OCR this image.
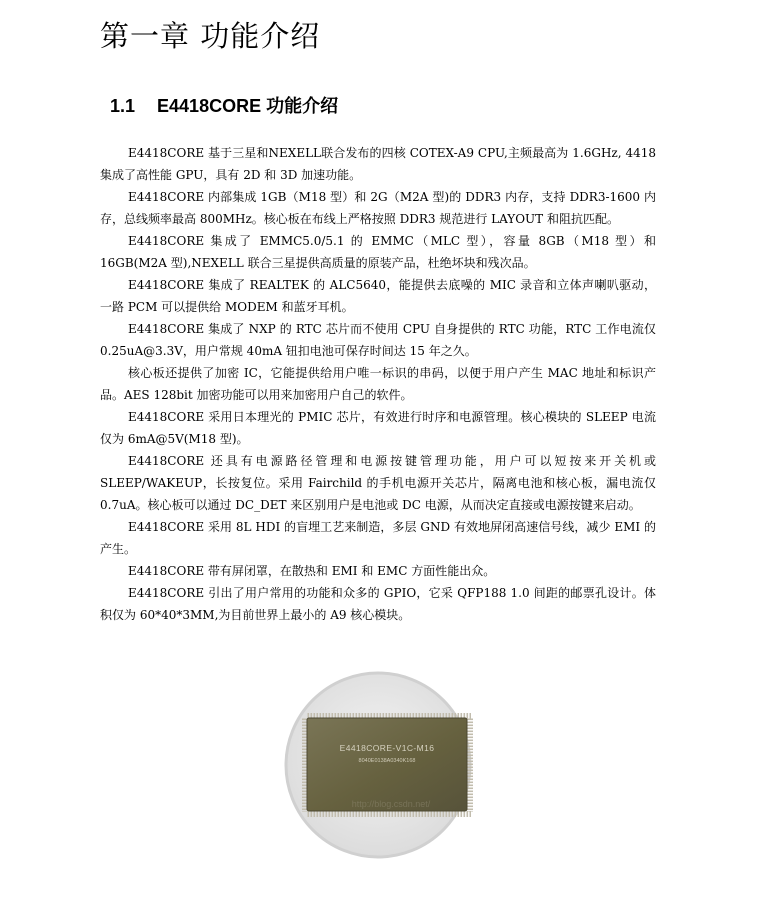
第一章 功能介绍
1.1 E4418CORE 功能介绍

E4418CORE 基于三星和NEXELL联合发布的四核 COTEX-A9 CPU,主频最高为 1.6GHz, 4418 集成了高性能 GPU，具有 2D 和 3D 加速功能。

E4418CORE 内部集成 1GB（M18 型）和 2G（M2A 型)的 DDR3 内存，支持 DDR3-1600 内存，总线频率最高 800MHz。核心板在布线上严格按照 DDR3 规范进行 LAYOUT 和阻抗匹配。

E4418CORE 集成了 EMMC5.0/5.1 的 EMMC（MLC 型），容量 8GB（M18 型）和 16GB(M2A 型),NEXELL 联合三星提供高质量的原装产品，杜绝坏块和残次品。

E4418CORE 集成了 REALTEK 的 ALC5640，能提供去底噪的 MIC 录音和立体声喇叭驱动，一路 PCM 可以提供给 MODEM 和蓝牙耳机。

E4418CORE 集成了 NXP 的 RTC 芯片而不使用 CPU 自身提供的 RTC 功能，RTC 工作电流仅 0.25uA@3.3V，用户常规 40mA 钮扣电池可保存时间达 15 年之久。

核心板还提供了加密 IC，它能提供给用户唯一标识的串码，以便于用户产生 MAC 地址和标识产品。AES 128bit 加密功能可以用来加密用户自己的软件。

E4418CORE 采用日本理光的 PMIC 芯片，有效进行时序和电源管理。核心模块的 SLEEP 电流仅为 6mA@5V(M18 型)。

E4418CORE 还具有电源路径管理和电源按键管理功能，用户可以短按来开关机或 SLEEP/WAKEUP，长按复位。采用 Fairchild 的手机电源开关芯片，隔离电池和核心板，漏电流仅 0.7uA。核心板可以通过 DC_DET 来区别用户是电池或 DC 电源，从而决定直接或电源按键来启动。

E4418CORE 采用 8L HDI 的盲埋工艺来制造，多层 GND 有效地屏闭高速信号线，减少 EMI 的产生。

E4418CORE 带有屏闭罩，在散热和 EMI 和 EMC 方面性能出众。

E4418CORE 引出了用户常用的功能和众多的 GPIO，它采 QFP188 1.0 间距的邮票孔设计。体积仅为 60*40*3MM,为目前世界上最小的 A9 核心模块。

E4418CORE-V1C-M16
8040E0138A0340K168
http://blog.csdn.net/
